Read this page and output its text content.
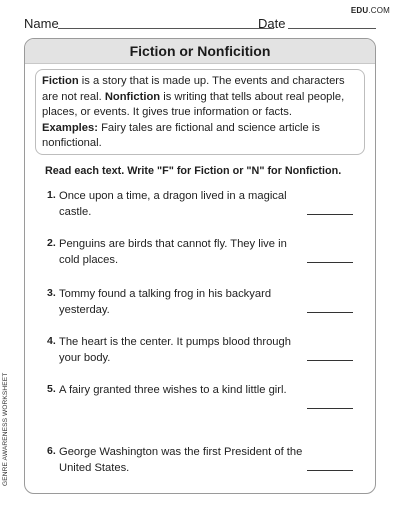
EDU.COM
Name	Date
Fiction or Nonficition

Fiction is a story that is made up. The events and characters are not real. Nonfiction is writing that tells about real people, places, or events. It gives true information or facts.
Examples: Fairy tales are fictional and science article is nonfictional.

Read each text. Write "F" for Fiction or "N" for Nonfiction.
1. Once upon a time, a dragon lived in a magical castle.
2. Penguins are birds that cannot fly. They live in cold places.
3. Tommy found a talking frog in his backyard yesterday.
4. The heart is the center. It pumps blood through your body.
5. A fairy granted three wishes to a kind little girl.
6. George Washington was the first President of the United States.
GENRE AWARENESS WORKSHEET
